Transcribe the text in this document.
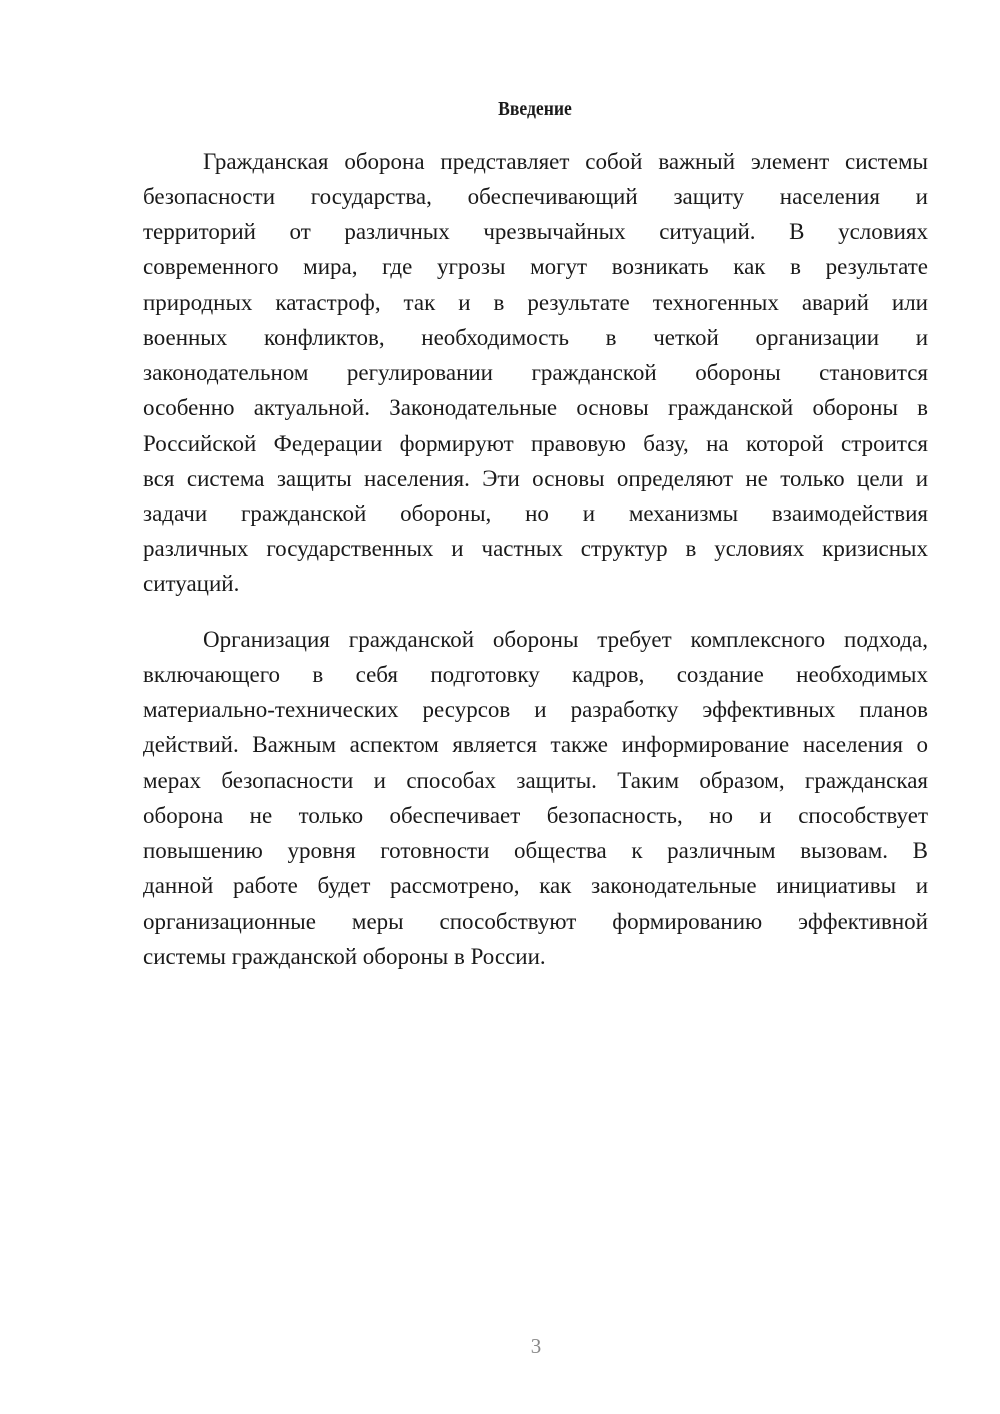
Введение
Гражданская оборона представляет собой важный элемент системы
безопасности государства, обеспечивающий защиту населения и
территорий от различных чрезвычайных ситуаций. В условиях
современного мира, где угрозы могут возникать как в результате
природных катастроф, так и в результате техногенных аварий или
военных конфликтов, необходимость в четкой организации и
законодательном регулировании гражданской обороны становится
особенно актуальной. Законодательные основы гражданской обороны в
Российской Федерации формируют правовую базу, на которой строится
вся система защиты населения. Эти основы определяют не только цели и
задачи гражданской обороны, но и механизмы взаимодействия
различных государственных и частных структур в условиях кризисных
ситуаций.
Организация гражданской обороны требует комплексного подхода,
включающего в себя подготовку кадров, создание необходимых
материально-технических ресурсов и разработку эффективных планов
действий. Важным аспектом является также информирование населения о
мерах безопасности и способах защиты. Таким образом, гражданская
оборона не только обеспечивает безопасность, но и способствует
повышению уровня готовности общества к различным вызовам. В
данной работе будет рассмотрено, как законодательные инициативы и
организационные меры способствуют формированию эффективной
системы гражданской обороны в России.
3
